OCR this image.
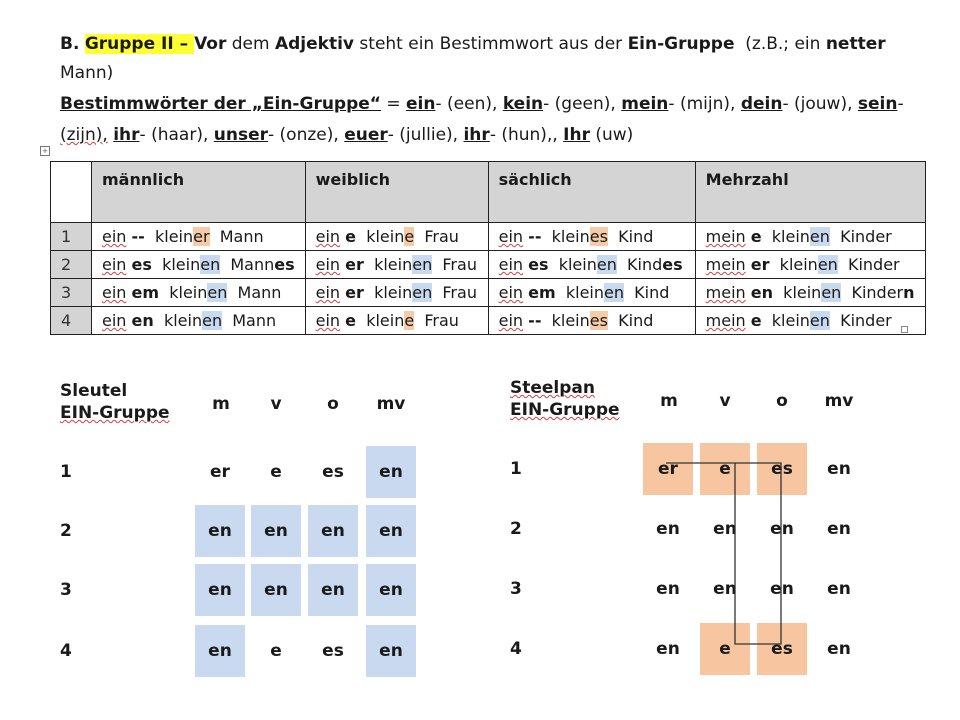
B. Gruppe II – Vor dem Adjektiv steht ein Bestimmwort aus der Ein-Gruppe (z.B.; ein netter
Mann)
Bestimmwörter der „Ein-Gruppe“ = ein- (een), kein- (geen), mein- (mijn), dein- (jouw), sein-
(zijn), ihr- (haar), unser- (onze), euer- (jullie), ihr- (hun),, Ihr (uw)
+
	männlich	weiblich	sächlich	Mehrzahl
1	ein -- kleiner Mann	ein e kleine Frau	ein -- kleines Kind	mein e kleinen Kinder
2	ein es kleinen Mannes	ein er kleinen Frau	ein es kleinen Kindes	mein er kleinen Kinder
3	ein em kleinen Mann	ein er kleinen Frau	ein em kleinen Kind	mein en kleinen Kindern
4	ein en kleinen Mann	ein e kleine Frau	ein -- kleines Kind	mein e kleinen Kinder
Sleutel
EIN-Gruppe	m	v	o	mv
1	er	e	es	en
2	en	en	en	en
3	en	en	en	en
4	en	e	es	en
Steelpan
EIN-Gruppe	m	v	o	mv
1	er	e	es	en
2	en	en	en	en
3	en	en	en	en
4	en	e	es	en
